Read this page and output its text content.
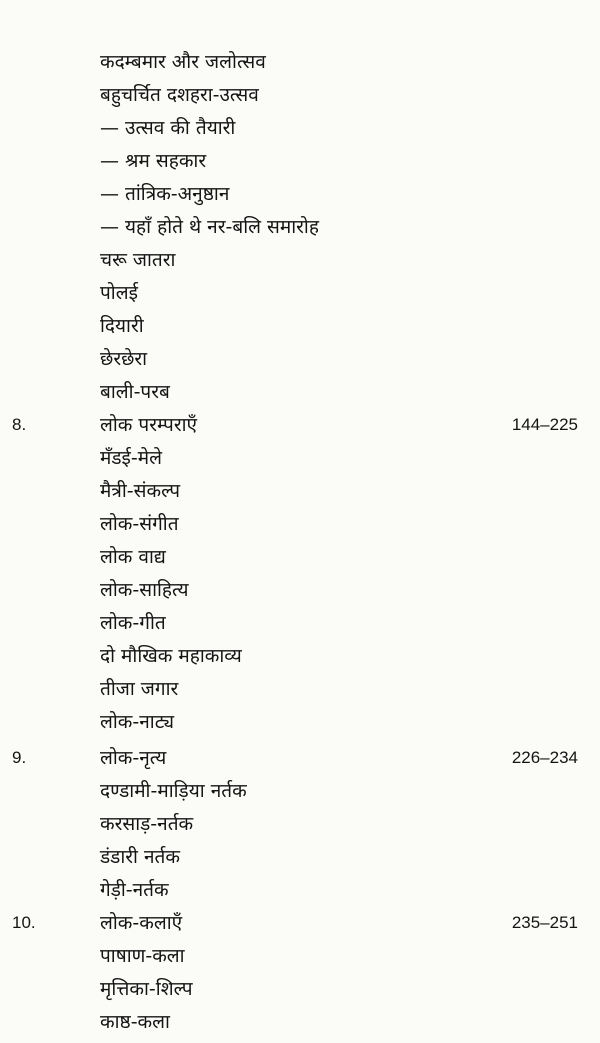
कदम्बमार और जलोत्सव
बहुचर्चित दशहरा-उत्सव
— उत्सव की तैयारी
— श्रम सहकार
— तांत्रिक-अनुष्ठान
— यहाँ होते थे नर-बलि समारोह
चरू जातरा
पोलई
दियारी
छेरछेरा
बाली-परब
8.	लोक परम्पराएँ	144–225
मँडई-मेले
मैत्री-संकल्प
लोक-संगीत
लोक वाद्य
लोक-साहित्य
लोक-गीत
दो मौखिक महाकाव्य
तीजा जगार
लोक-नाट्य
9.	लोक-नृत्य	226–234
दण्डामी-माड़िया नर्तक
करसाड़-नर्तक
डंडारी नर्तक
गेड़ी-नर्तक
10.	लोक-कलाएँ	235–251
पाषाण-कला
मृत्तिका-शिल्प
काष्ठ-कला
